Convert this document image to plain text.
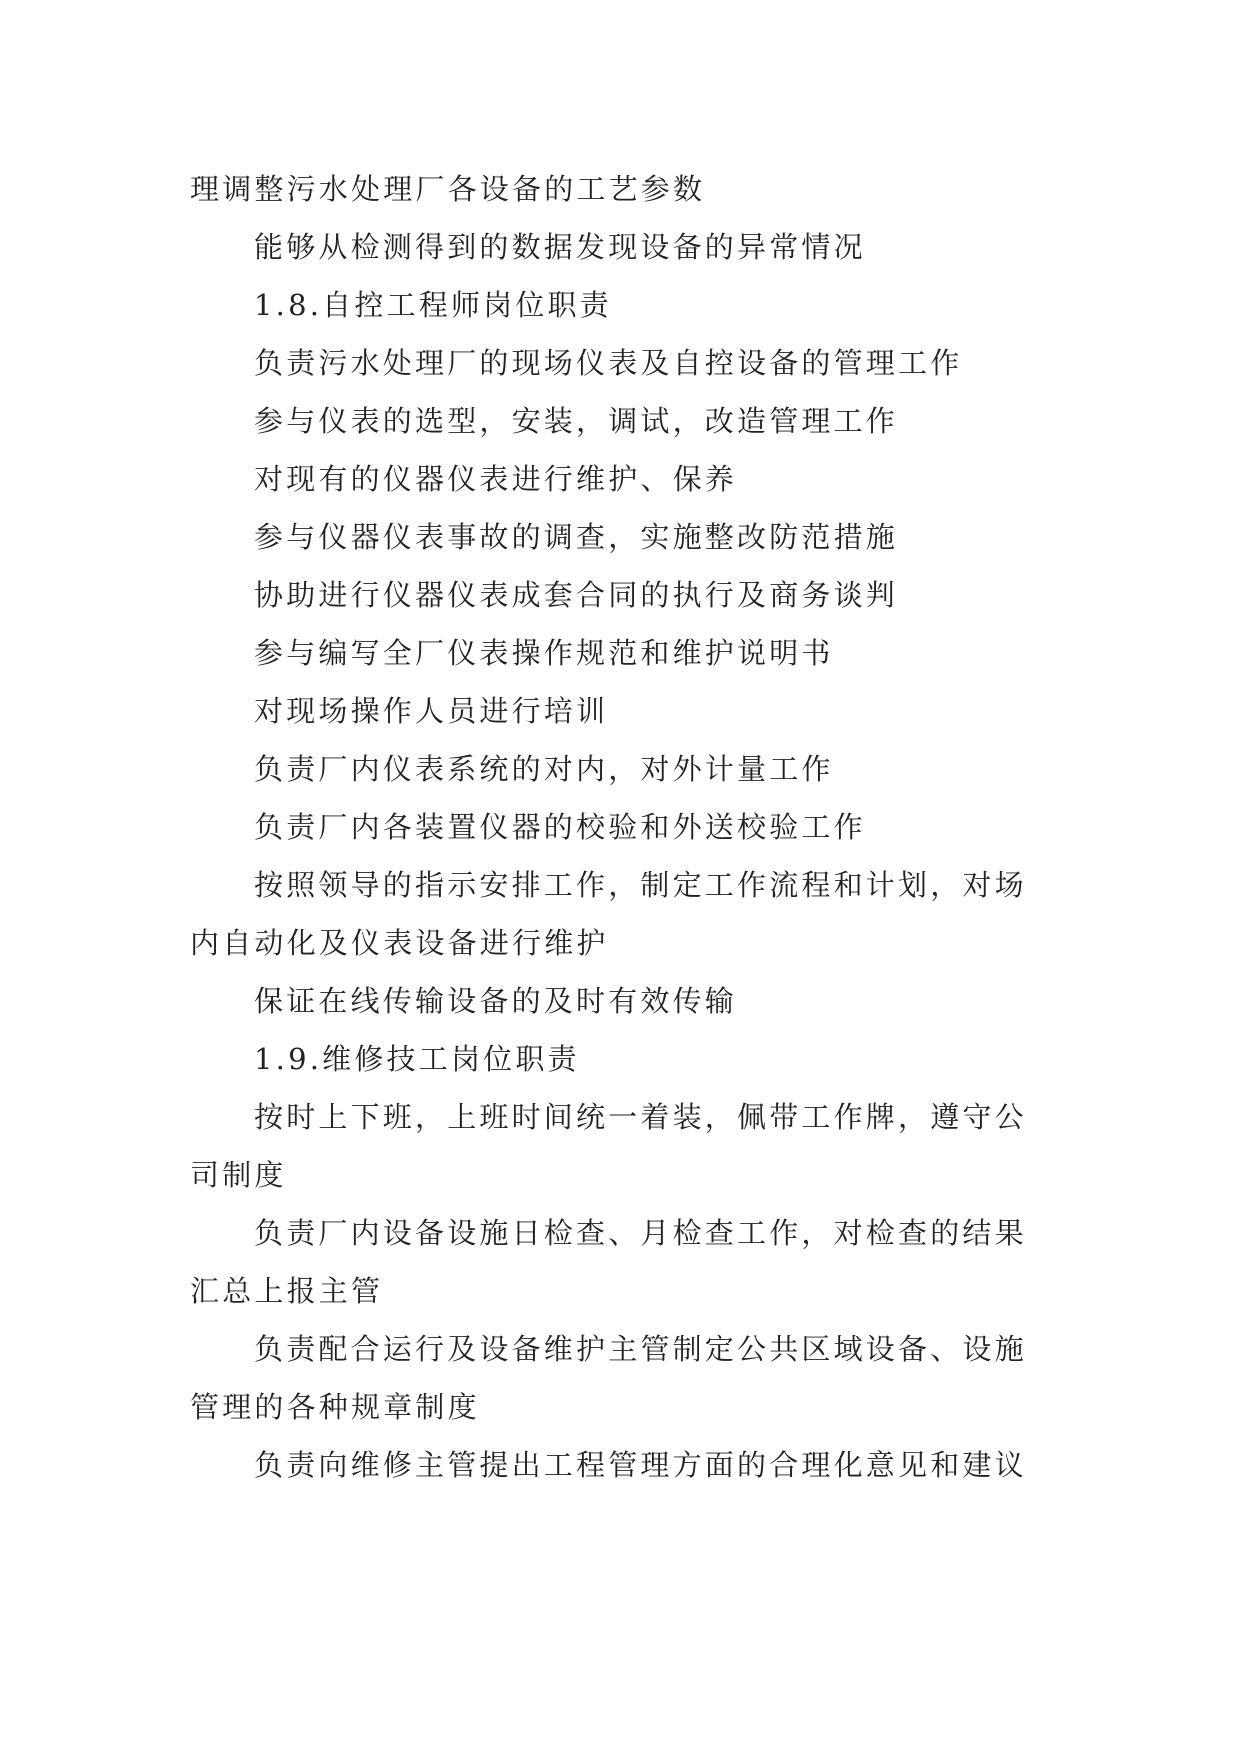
理调整污水处理厂各设备的工艺参数

能够从检测得到的数据发现设备的异常情况

1.8.自控工程师岗位职责

负责污水处理厂的现场仪表及自控设备的管理工作

参与仪表的选型，安装，调试，改造管理工作

对现有的仪器仪表进行维护、保养

参与仪器仪表事故的调查，实施整改防范措施

协助进行仪器仪表成套合同的执行及商务谈判

参与编写全厂仪表操作规范和维护说明书

对现场操作人员进行培训

负责厂内仪表系统的对内，对外计量工作

负责厂内各装置仪器的校验和外送校验工作

按照领导的指示安排工作，制定工作流程和计划，对场内自动化及仪表设备进行维护

保证在线传输设备的及时有效传输

1.9.维修技工岗位职责

按时上下班，上班时间统一着装，佩带工作牌，遵守公司制度

负责厂内设备设施日检查、月检查工作，对检查的结果汇总上报主管

负责配合运行及设备维护主管制定公共区域设备、设施管理的各种规章制度

负责向维修主管提出工程管理方面的合理化意见和建议
